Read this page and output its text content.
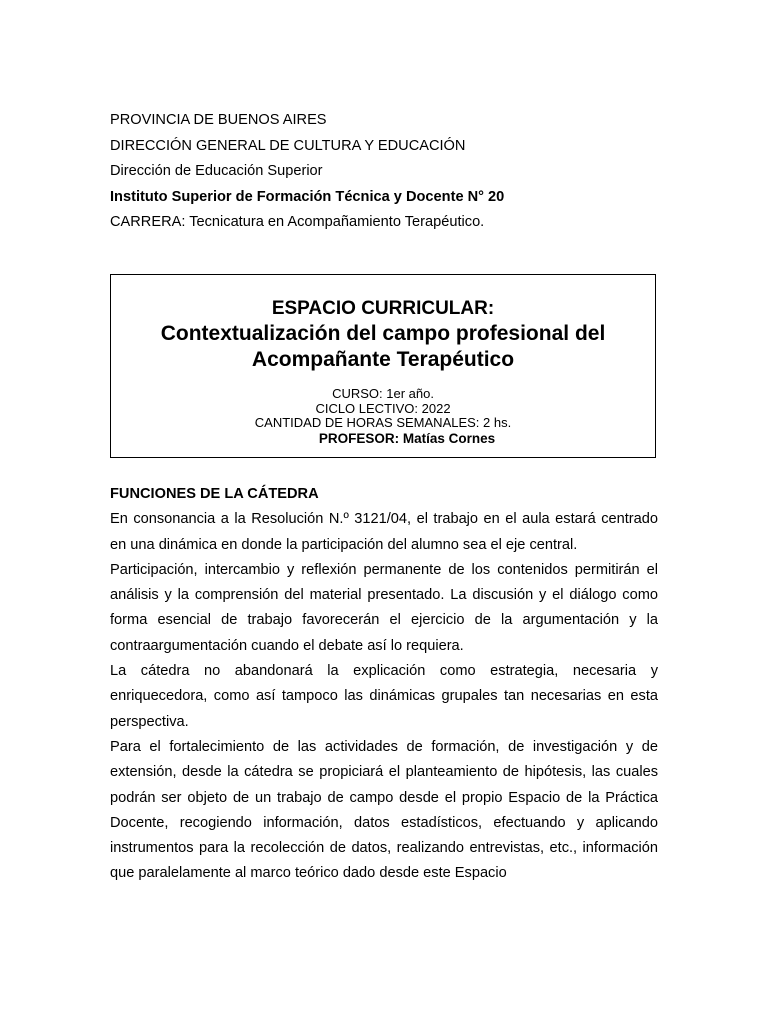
PROVINCIA DE BUENOS AIRES
DIRECCIÓN GENERAL DE CULTURA Y EDUCACIÓN
Dirección de Educación Superior
Instituto Superior de Formación Técnica y Docente N° 20
CARRERA: Tecnicatura en Acompañamiento Terapéutico.
ESPACIO CURRICULAR:
Contextualización del campo profesional del
Acompañante Terapéutico
CURSO: 1er año.
CICLO LECTIVO: 2022
CANTIDAD DE HORAS SEMANALES: 2 hs.
PROFESOR: Matías Cornes

FUNCIONES DE LA CÁTEDRA

En consonancia a la Resolución N.º 3121/04, el trabajo en el aula estará centrado en una dinámica en donde la participación del alumno sea el eje central.

Participación, intercambio y reflexión permanente de los contenidos permitirán el análisis y la comprensión del material presentado. La discusión y el diálogo como forma esencial de trabajo favorecerán el ejercicio de la argumentación y la contraargumentación cuando el debate así lo requiera.

La cátedra no abandonará la explicación como estrategia, necesaria y enriquecedora, como así tampoco las dinámicas grupales tan necesarias en esta perspectiva.

Para el fortalecimiento de las actividades de formación, de investigación y de extensión, desde la cátedra se propiciará el planteamiento de hipótesis, las cuales podrán ser objeto de un trabajo de campo desde el propio Espacio de la Práctica Docente, recogiendo información, datos estadísticos, efectuando y aplicando instrumentos para la recolección de datos, realizando entrevistas, etc., información que paralelamente al marco teórico dado desde este Espacio
